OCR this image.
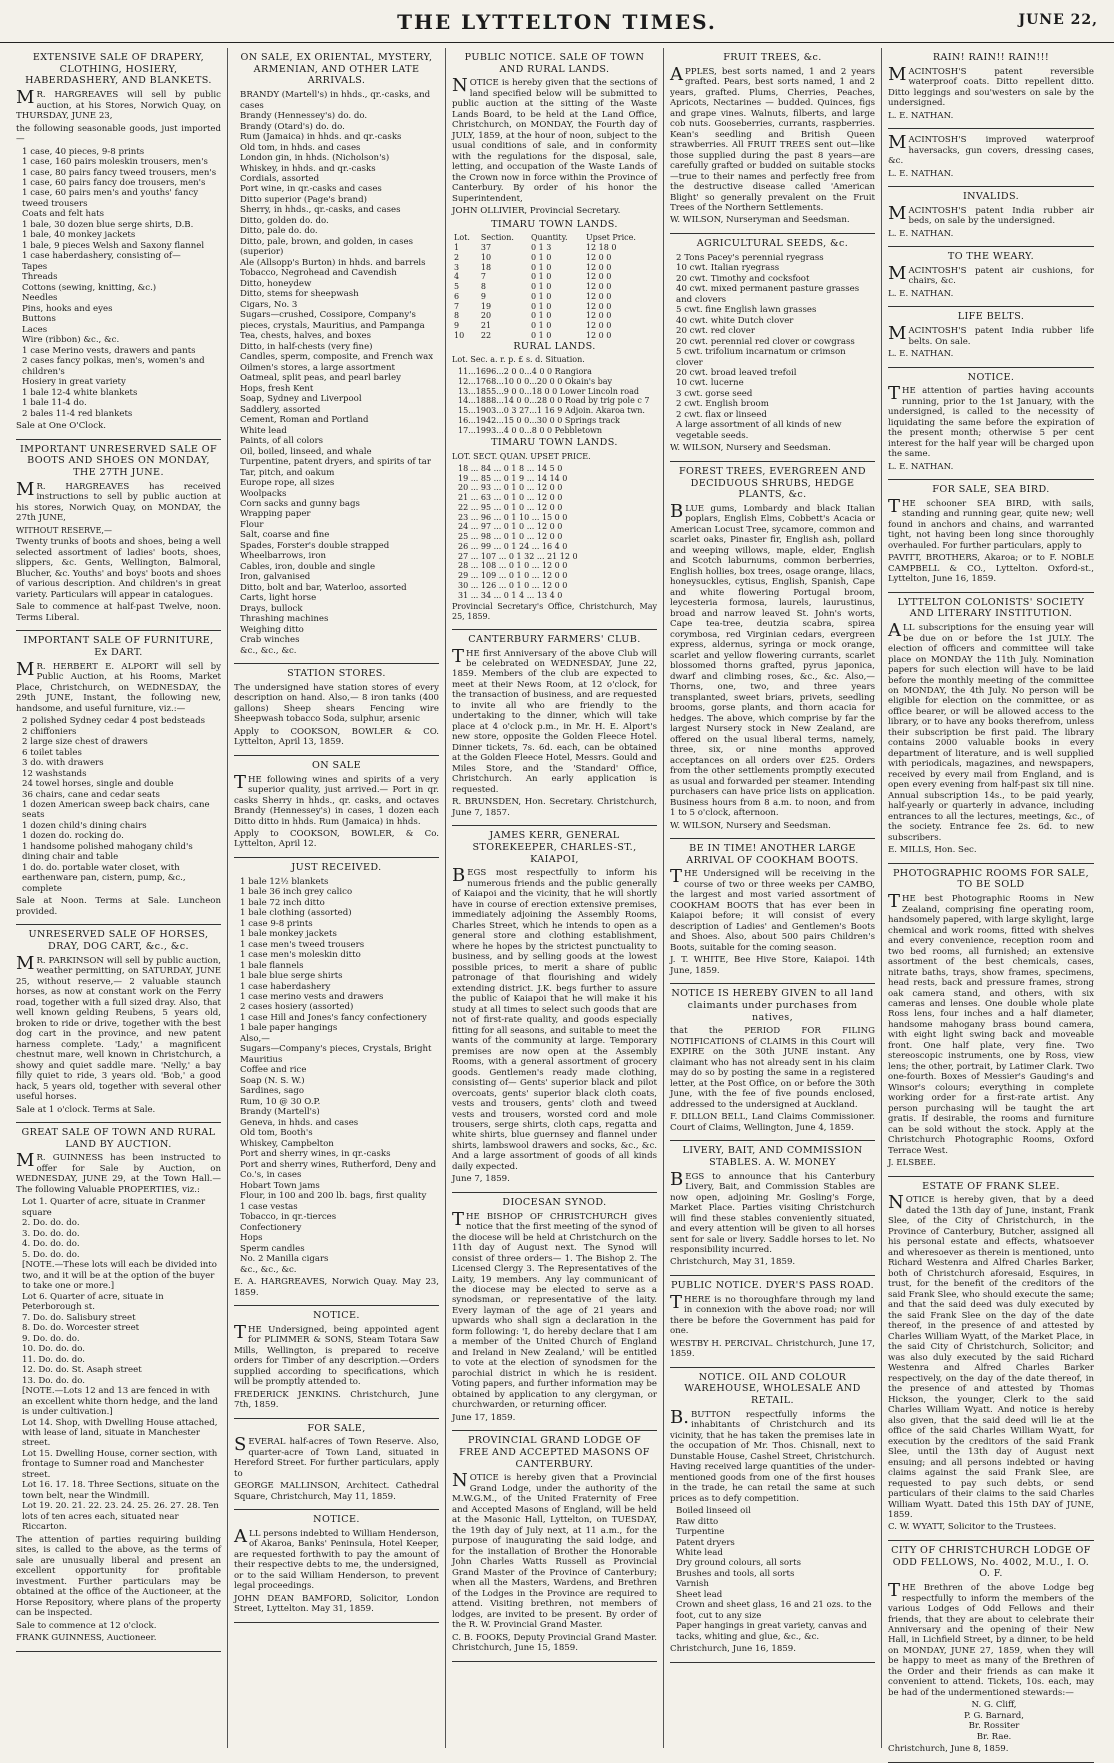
THE LYTTELTON TIMES.	JUNE 22,
EXTENSIVE SALE OF DRAPERY, CLOTHING, HOSIERY, HABERDASHERY, AND BLANKETS.

MR. HARGREAVES will sell by public auction, at his Stores, Norwich Quay, on THURSDAY, JUNE 23,

the following seasonable goods, just imported—

1 case, 40 pieces, 9-8 prints
1 case, 160 pairs moleskin trousers, men's
1 case, 80 pairs fancy tweed trousers, men's
1 case, 60 pairs fancy doe trousers, men's
1 case, 60 pairs men's and youths' fancy tweed trousers
Coats and felt hats
1 bale, 30 dozen blue serge shirts, D.B.
1 bale, 40 monkey jackets
1 bale, 9 pieces Welsh and Saxony flannel
1 case haberdashery, consisting of—
Tapes
Threads
Cottons (sewing, knitting, &c.)
Needles
Pins, hooks and eyes
Buttons
Laces
Wire (ribbon) &c., &c.
1 case Merino vests, drawers and pants
2 cases fancy polkas, men's, women's and children's
Hosiery in great variety
1 bale 12-4 white blankets
1 bale 11-4 do.
2 bales 11-4 red blankets

Sale at One O'Clock.

IMPORTANT UNRESERVED SALE OF BOOTS AND SHOES ON MONDAY, THE 27TH JUNE.

MR. HARGREAVES has received instructions to sell by public auction at his stores, Norwich Quay, on MONDAY, the 27th JUNE,

WITHOUT RESERVE,—

Twenty trunks of boots and shoes, being a well selected assortment of ladies' boots, shoes, slippers, &c. Gents, Wellington, Balmoral, Blucher, &c. Youths' and boys' boots and shoes of various description. And children's in great variety. Particulars will appear in catalogues.

Sale to commence at half-past Twelve, noon. Terms Liberal.

IMPORTANT SALE OF FURNITURE, Ex DART.

MR. HERBERT E. ALPORT will sell by Public Auction, at his Rooms, Market Place, Christchurch, on WEDNESDAY, the 29th JUNE, Instant, the following new, handsome, and useful furniture, viz.:—

2 polished Sydney cedar 4 post bedsteads
2 chiffoniers
2 large size chest of drawers
6 toilet tables
3 do. with drawers
12 washstands
24 towel horses, single and double
36 chairs, cane and cedar seats
1 dozen American sweep back chairs, cane seats
1 dozen child's dining chairs
1 dozen do. rocking do.
1 handsome polished mahogany child's dining chair and table
1 do. do. portable water closet, with earthenware pan, cistern, pump, &c., complete

Sale at Noon. Terms at Sale. Luncheon provided.

UNRESERVED SALE OF HORSES, DRAY, DOG CART, &c., &c.

MR. PARKINSON will sell by public auction, weather permitting, on SATURDAY, JUNE 25, without reserve,— 2 valuable staunch horses, as now at constant work on the Ferry road, together with a full sized dray. Also, that well known gelding Reubens, 5 years old, broken to ride or drive, together with the best dog cart in the province, and new patent harness complete. 'Lady,' a magnificent chestnut mare, well known in Christchurch, a showy and quiet saddle mare. 'Nelly,' a bay filly quiet to ride, 3 years old. 'Bob,' a good hack, 5 years old, together with several other useful horses.

Sale at 1 o'clock. Terms at Sale.

GREAT SALE OF TOWN AND RURAL LAND BY AUCTION.

MR. GUINNESS has been instructed to offer for Sale by Auction, on WEDNESDAY, JUNE 29, at the Town Hall.— The following Valuable PROPERTIES, viz.:

Lot 1. Quarter of acre, situate in Cranmer square
2. Do. do. do.
3. Do. do. do.
4. Do. do. do.
5. Do. do. do.
[NOTE.—These lots will each be divided into two, and it will be at the option of the buyer to take one or more.]
Lot 6. Quarter of acre, situate in Peterborough st.
7. Do. do. Salisbury street
8. Do. do. Worcester street
9. Do. do. do.
10. Do. do. do.
11. Do. do. do.
12. Do. do. St. Asaph street
13. Do. do. do.
[NOTE.—Lots 12 and 13 are fenced in with an excellent white thorn hedge, and the land is under cultivation.]
Lot 14. Shop, with Dwelling House attached, with lease of land, situate in Manchester street.
Lot 15. Dwelling House, corner section, with frontage to Sumner road and Manchester street.
Lot 16. 17. 18. Three Sections, situate on the town belt, near the Windmill.
Lot 19. 20. 21. 22. 23. 24. 25. 26. 27. 28. Ten lots of ten acres each, situated near Riccarton.

The attention of parties requiring building sites, is called to the above, as the terms of sale are unusually liberal and present an excellent opportunity for profitable investment. Further particulars may be obtained at the office of the Auctioneer, at the Horse Repository, where plans of the property can be inspected.

Sale to commence at 12 o'clock.

FRANK GUINNESS, Auctioneer.

ON SALE, EX ORIENTAL, MYSTERY, ARMENIAN, AND OTHER LATE ARRIVALS.
BRANDY (Martell's) in hhds., qr.-casks, and cases
Brandy (Hennessey's) do. do.
Brandy (Otard's) do. do.
Rum (Jamaica) in hhds. and qr.-casks
Old tom, in hhds. and cases
London gin, in hhds. (Nicholson's)
Whiskey, in hhds. and qr.-casks
Cordials, assorted
Port wine, in qr.-casks and cases
Ditto superior (Page's brand)
Sherry, in hhds., qr.-casks, and cases
Ditto, golden do. do.
Ditto, pale do. do.
Ditto, pale, brown, and golden, in cases (superior)
Ale (Allsopp's Burton) in hhds. and barrels
Tobacco, Negrohead and Cavendish
Ditto, honeydew
Ditto, stems for sheepwash
Cigars, No. 3
Sugars—crushed, Cossipore, Company's pieces, crystals, Mauritius, and Pampanga
Tea, chests, halves, and boxes
Ditto, in half-chests (very fine)
Candles, sperm, composite, and French wax
Oilmen's stores, a large assortment
Oatmeal, split peas, and pearl barley
Hops, fresh Kent
Soap, Sydney and Liverpool
Saddlery, assorted
Cement, Roman and Portland
White lead
Paints, of all colors
Oil, boiled, linseed, and whale
Turpentine, patent dryers, and spirits of tar
Tar, pitch, and oakum
Europe rope, all sizes
Woolpacks
Corn sacks and gunny bags
Wrapping paper
Flour
Salt, coarse and fine
Spades, Forster's double strapped
Wheelbarrows, iron
Cables, iron, double and single
Iron, galvanised
Ditto, bolt and bar, Waterloo, assorted
Carts, light horse
Drays, bullock
Thrashing machines
Weighing ditto
Crab winches
&c., &c., &c.
STATION STORES.

The undersigned have station stores of every description on hand. Also,— 8 iron tanks (400 gallons) Sheep shears Fencing wire Sheepwash tobacco Soda, sulphur, arsenic

Apply to COOKSON, BOWLER & CO. Lyttelton, April 13, 1859.

ON SALE

THE following wines and spirits of a very superior quality, just arrived.— Port in qr. casks Sherry in hhds., qr. casks, and octaves Brandy (Hennessey's) in cases, 1 dozen each Ditto ditto in hhds. Rum (Jamaica) in hhds.

Apply to COOKSON, BOWLER, & Co. Lyttelton, April 12.

JUST RECEIVED.
1 bale 12½ blankets
1 bale 36 inch grey calico
1 bale 72 inch ditto
1 bale clothing (assorted)
1 case 9-8 prints
1 bale monkey jackets
1 case men's tweed trousers
1 case men's moleskin ditto
1 bale flannels
1 bale blue serge shirts
1 case haberdashery
1 case merino vests and drawers
2 cases hosiery (assorted)
1 case Hill and Jones's fancy confectionery
1 bale paper hangings
Also,—
Sugars—Company's pieces, Crystals, Bright Mauritius
Coffee and rice
Soap (N. S. W.)
Sardines, sago
Rum, 10 @ 30 O.P.
Brandy (Martell's)
Geneva, in hhds. and cases
Old tom, Booth's
Whiskey, Campbelton
Port and sherry wines, in qr.-casks
Port and sherry wines, Rutherford, Deny and Co.'s, in cases
Hobart Town jams
Flour, in 100 and 200 lb. bags, first quality
1 case vestas
Tobacco, in qr.-tierces
Confectionery
Hops
Sperm candles
No. 2 Manilla cigars
&c., &c., &c.

E. A. HARGREAVES, Norwich Quay. May 23, 1859.

NOTICE.

THE Undersigned, being appointed agent for PLIMMER & SONS, Steam Totara Saw Mills, Wellington, is prepared to receive orders for Timber of any description.—Orders supplied according to specifications, which will be promptly attended to.

FREDERICK JENKINS. Christchurch, June 7th, 1859.

FOR SALE,

SEVERAL half-acres of Town Reserve. Also, quarter-acre of Town Land, situated in Hereford Street. For further particulars, apply to

GEORGE MALLINSON, Architect. Cathedral Square, Christchurch, May 11, 1859.

NOTICE.

ALL persons indebted to William Henderson, of Akaroa, Banks' Peninsula, Hotel Keeper, are requested forthwith to pay the amount of their respective debts to me, the undersigned, or to the said William Henderson, to prevent legal proceedings.

JOHN DEAN BAMFORD, Solicitor, London Street, Lyttelton. May 31, 1859.

PUBLIC NOTICE. SALE OF TOWN AND RURAL LANDS.

NOTICE is hereby given that the sections of land specified below will be submitted to public auction at the sitting of the Waste Lands Board, to be held at the Land Office, Christchurch, on MONDAY, the Fourth day of JULY, 1859, at the hour of noon, subject to the usual conditions of sale, and in conformity with the regulations for the disposal, sale, letting, and occupation of the Waste Lands of the Crown now in force within the Province of Canterbury. By order of his honor the Superintendent,

JOHN OLLIVIER, Provincial Secretary.

TIMARU TOWN LANDS.
Lot.	Section.	Quantity.	Upset Price.
1	37	0 1 3	12 18 0
2	10	0 1 0	12 0 0
3	18	0 1 0	12 0 0
4	7	0 1 0	12 0 0
5	8	0 1 0	12 0 0
6	9	0 1 0	12 0 0
7	19	0 1 0	12 0 0
8	20	0 1 0	12 0 0
9	21	0 1 0	12 0 0
10	22	0 1 0	12 0 0
RURAL LANDS.

Lot. Sec. a. r. p. £ s. d. Situation.

11...1696...2 0 0...4 0 0 Rangiora
12...1768...10 0 0...20 0 0 Okain's bay
13...1855...9 0 0...18 0 0 Lower Lincoln road
14...1888...14 0 0...28 0 0 Road by trig pole c 7
15...1903...0 3 27...1 16 9 Adjoin. Akaroa twn.
16...1942...15 0 0...30 0 0 Springs track
17...1993...4 0 0...8 0 0 Pebbletown
TIMARU TOWN LANDS.

LOT. SECT. QUAN. UPSET PRICE.

18 ... 84 ... 0 1 8 ... 14 5 0
19 ... 85 ... 0 1 9 ... 14 14 0
20 ... 93 ... 0 1 0 ... 12 0 0
21 ... 63 ... 0 1 0 ... 12 0 0
22 ... 95 ... 0 1 0 ... 12 0 0
23 ... 96 ... 0 1 10 ... 15 0 0
24 ... 97 ... 0 1 0 ... 12 0 0
25 ... 98 ... 0 1 0 ... 12 0 0
26 ... 99 ... 0 1 24 ... 16 4 0
27 ... 107 ... 0 1 32 ... 21 12 0
28 ... 108 ... 0 1 0 ... 12 0 0
29 ... 109 ... 0 1 0 ... 12 0 0
30 ... 126 ... 0 1 0 ... 12 0 0
31 ... 34 ... 0 1 4 ... 13 4 0

Provincial Secretary's Office, Christchurch, May 25, 1859.

CANTERBURY FARMERS' CLUB.

THE first Anniversary of the above Club will be celebrated on WEDNESDAY, June 22, 1859. Members of the club are expected to meet at their News Room, at 12 o'clock, for the transaction of business, and are requested to invite all who are friendly to the undertaking to the dinner, which will take place at 4 o'clock p.m., in Mr. H. E. Alport's new store, opposite the Golden Fleece Hotel. Dinner tickets, 7s. 6d. each, can be obtained at the Golden Fleece Hotel, Messrs. Gould and Miles Store, and the 'Standard' Office, Christchurch. An early application is requested.

R. BRUNSDEN, Hon. Secretary. Christchurch, June 7, 1857.

JAMES KERR, GENERAL STOREKEEPER, CHARLES-ST., KAIAPOI,

BEGS most respectfully to inform his numerous friends and the public generally of Kaiapoi and the vicinity, that he will shortly have in course of erection extensive premises, immediately adjoining the Assembly Rooms, Charles Street, which he intends to open as a general store and clothing establishment, where he hopes by the strictest punctuality to business, and by selling goods at the lowest possible prices, to merit a share of public patronage of that flourishing and widely extending district. J.K. begs further to assure the public of Kaiapoi that he will make it his study at all times to select such goods that are not of first-rate quality, and goods especially fitting for all seasons, and suitable to meet the wants of the community at large. Temporary premises are now open at the Assembly Rooms, with a general assortment of grocery goods. Gentlemen's ready made clothing, consisting of— Gents' superior black and pilot overcoats, gents' superior black cloth coats, vests and trousers, gents' cloth and tweed vests and trousers, worsted cord and mole trousers, serge shirts, cloth caps, regatta and white shirts, blue guernsey and flannel under shirts, lambswool drawers and socks, &c., &c. And a large assortment of goods of all kinds daily expected.

June 7, 1859.

DIOCESAN SYNOD.

THE BISHOP OF CHRISTCHURCH gives notice that the first meeting of the synod of the diocese will be held at Christchurch on the 11th day of August next. The Synod will consist of three orders— 1. The Bishop 2. The Licensed Clergy 3. The Representatives of the Laity, 19 members. Any lay communicant of the diocese may be elected to serve as a synodsman, or representative of the laity. Every layman of the age of 21 years and upwards who shall sign a declaration in the form following: 'I, do hereby declare that I am a member of the United Church of England and Ireland in New Zealand,' will be entitled to vote at the election of synodsmen for the parochial district in which he is resident. Voting papers, and further information may be obtained by application to any clergyman, or churchwarden, or returning officer.

June 17, 1859.

PROVINCIAL GRAND LODGE OF FREE AND ACCEPTED MASONS OF CANTERBURY.

NOTICE is hereby given that a Provincial Grand Lodge, under the authority of the M.W.G.M., of the United Fraternity of Free and Accepted Masons of England, will be held at the Masonic Hall, Lyttelton, on TUESDAY, the 19th day of July next, at 11 a.m., for the purpose of inaugurating the said lodge, and for the installation of Brother the Honorable John Charles Watts Russell as Provincial Grand Master of the Province of Canterbury; when all the Masters, Wardens, and Brethren of the Lodges in the Province are required to attend. Visiting brethren, not members of lodges, are invited to be present. By order of the R. W. Provincial Grand Master.

C. B. FOOKS, Deputy Provincial Grand Master. Christchurch, June 15, 1859.

FRUIT TREES, &c.

APPLES, best sorts named, 1 and 2 years grafted. Pears, best sorts named, 1 and 2 years, grafted. Plums, Cherries, Peaches, Apricots, Nectarines — budded. Quinces, figs and grape vines. Walnuts, filberts, and large cob nuts. Gooseberries, currants, raspberries. Kean's seedling and British Queen strawberries. All FRUIT TREES sent out—like those supplied during the past 8 years—are carefully grafted or budded on suitable stocks—true to their names and perfectly free from the destructive disease called 'American Blight' so generally prevalent on the Fruit Trees of the Northern Settlements.

W. WILSON, Nurseryman and Seedsman.

AGRICULTURAL SEEDS, &c.
2 Tons Pacey's perennial ryegrass
10 cwt. Italian ryegrass
20 cwt. Timothy and cocksfoot
40 cwt. mixed permanent pasture grasses and clovers
5 cwt. fine English lawn grasses
40 cwt. white Dutch clover
20 cwt. red clover
20 cwt. perennial red clover or cowgrass
5 cwt. trifolium incarnatum or crimson clover
20 cwt. broad leaved trefoil
10 cwt. lucerne
3 cwt. gorse seed
2 cwt. English broom
2 cwt. flax or linseed
A large assortment of all kinds of new vegetable seeds.

W. WILSON, Nursery and Seedsman.

FOREST TREES, EVERGREEN AND DECIDUOUS SHRUBS, HEDGE PLANTS, &c.

BLUE gums, Lombardy and black Italian poplars, English Elms, Cobbett's Acacia or American Locust Tree, sycamore, common and scarlet oaks, Pinaster fir, English ash, pollard and weeping willows, maple, elder, English and Scotch laburnums, common berberries, English hollies, box trees, osage orange, lilacs, honeysuckles, cytisus, English, Spanish, Cape and white flowering Portugal broom, leycesteria formosa, laurels, laurustinus, broad and narrow leaved St. John's worts, Cape tea-tree, deutzia scabra, spirea corymbosa, red Virginian cedars, evergreen express, aldernus, syringa or mock orange, scarlet and yellow flowering currants, scarlet blossomed thorns grafted, pyrus japonica, dwarf and climbing roses, &c., &c. Also,— Thorns, one, two, and three years transplanted, sweet briars, privets, seedling brooms, gorse plants, and thorn acacia for hedges. The above, which comprise by far the largest Nursery stock in New Zealand, are offered on the usual liberal terms, namely, three, six, or nine months approved acceptances on all orders over £25. Orders from the other settlements promptly executed as usual and forwarded per steamer. Intending purchasers can have price lists on application. Business hours from 8 a.m. to noon, and from 1 to 5 o'clock, afternoon.

W. WILSON, Nursery and Seedsman.

BE IN TIME! ANOTHER LARGE ARRIVAL OF COOKHAM BOOTS.

THE Undersigned will be receiving in the course of two or three weeks per CAMBO, the largest and most varied assortment of COOKHAM BOOTS that has ever been in Kaiapoi before; it will consist of every description of Ladies' and Gentlemen's Boots and Shoes. Also, about 500 pairs Children's Boots, suitable for the coming season.

J. T. WHITE, Bee Hive Store, Kaiapoi. 14th June, 1859.

NOTICE IS HEREBY GIVEN to all land claimants under purchases from natives,

that the PERIOD FOR FILING NOTIFICATIONS of CLAIMS in this Court will EXPIRE on the 30th JUNE instant. Any claimant who has not already sent in his claim may do so by posting the same in a registered letter, at the Post Office, on or before the 30th June, with the fee of five pounds enclosed, addressed to the undersigned at Auckland.

F. DILLON BELL, Land Claims Commissioner. Court of Claims, Wellington, June 4, 1859.

LIVERY, BAIT, AND COMMISSION STABLES. A. W. MONEY

BEGS to announce that his Canterbury Livery, Bait, and Commission Stables are now open, adjoining Mr. Gosling's Forge, Market Place. Parties visiting Christchurch will find these stables conveniently situated, and every attention will be given to all horses sent for sale or livery. Saddle horses to let. No responsibility incurred.

Christchurch, May 31, 1859.

PUBLIC NOTICE. DYER'S PASS ROAD.

THERE is no thoroughfare through my land in connexion with the above road; nor will there be before the Government has paid for one.

WESTBY H. PERCIVAL. Christchurch, June 17, 1859.

NOTICE. OIL AND COLOUR WAREHOUSE, WHOLESALE AND RETAIL.

B.BUTTON respectfully informs the inhabitants of Christchurch and its vicinity, that he has taken the premises late in the occupation of Mr. Thos. Chisnall, next to Dunstable House, Cashel Street, Christchurch. Having received large quantities of the under-mentioned goods from one of the first houses in the trade, he can retail the same at such prices as to defy competition.

Boiled linseed oil
Raw ditto
Turpentine
Patent dryers
White lead
Dry ground colours, all sorts
Brushes and tools, all sorts
Varnish
Sheet lead
Crown and sheet glass, 16 and 21 ozs. to the foot, cut to any size
Paper hangings in great variety, canvas and tacks, whiting and glue, &c., &c.

Christchurch, June 16, 1859.

RAIN! RAIN!! RAIN!!!

MACINTOSH'S patent reversible waterproof coats. Ditto repellent ditto. Ditto leggings and sou'westers on sale by the undersigned.

L. E. NATHAN.

MACINTOSH'S improved waterproof haversacks, gun covers, dressing cases, &c.

L. E. NATHAN.

INVALIDS.

MACINTOSH'S patent India rubber air beds, on sale by the undersigned.

L. E. NATHAN.

TO THE WEARY.

MACINTOSH'S patent air cushions, for chairs, &c.

L. E. NATHAN.

LIFE BELTS.

MACINTOSH'S patent India rubber life belts. On sale.

L. E. NATHAN.

NOTICE.

THE attention of parties having accounts running, prior to the 1st January, with the undersigned, is called to the necessity of liquidating the same before the expiration of the present month; otherwise 5 per cent interest for the half year will be charged upon the same.

L. E. NATHAN.

FOR SALE, SEA BIRD.

THE schooner SEA BIRD, with sails, standing and running gear, quite new; well found in anchors and chains, and warranted tight, not having been long since thoroughly overhauled. For further particulars, apply to

PAVITT, BROTHERS, Akaroa; or to F. NOBLE CAMPBELL & CO., Lyttelton. Oxford-st., Lyttelton, June 16, 1859.

LYTTELTON COLONISTS' SOCIETY AND LITERARY INSTITUTION.

ALL subscriptions for the ensuing year will be due on or before the 1st JULY. The election of officers and committee will take place on MONDAY the 11th July. Nomination papers for such election will have to be laid before the monthly meeting of the committee on MONDAY, the 4th July. No person will be eligible for election on the committee, or as office bearer, or will be allowed access to the library, or to have any books therefrom, unless their subscription be first paid. The library contains 2000 valuable books in every department of literature, and is well supplied with periodicals, magazines, and newspapers, received by every mail from England, and is open every evening from half-past six till nine. Annual subscription 14s., to be paid yearly, half-yearly or quarterly in advance, including entrances to all the lectures, meetings, &c., of the society. Entrance fee 2s. 6d. to new subscribers.

E. MILLS, Hon. Sec.

PHOTOGRAPHIC ROOMS FOR SALE, TO BE SOLD

THE best Photographic Rooms in New Zealand, comprising fine operating room, handsomely papered, with large skylight, large chemical and work rooms, fitted with shelves and every convenience, reception room and two bed rooms, all furnished; an extensive assortment of the best chemicals, cases, nitrate baths, trays, show frames, specimens, head rests, back and pressure frames, strong oak camera stand, and others, with six cameras and lenses. One double whole plate Ross lens, four inches and a half diameter, handsome mahogany brass bound camera, with eight light swing back and moveable front. One half plate, very fine. Two stereoscopic instruments, one by Ross, view lens; the other, portrait, by Latimer Clark. Two one-fourth. Boxes of Messier's Gauding's and Winsor's colours; everything in complete working order for a first-rate artist. Any person purchasing will be taught the art gratis. If desirable, the rooms and furniture can be sold without the stock. Apply at the Christchurch Photographic Rooms, Oxford Terrace West.

J. ELSBEE.

ESTATE OF FRANK SLEE.

NOTICE is hereby given, that by a deed dated the 13th day of June, instant, Frank Slee, of the City of Christchurch, in the Province of Canterbury, Butcher, assigned all his personal estate and effects, whatsoever and wheresoever as therein is mentioned, unto Richard Westenra and Alfred Charles Barker, both of Christchurch aforesaid, Esquires, in trust, for the benefit of the creditors of the said Frank Slee, who should execute the same; and that the said deed was duly executed by the said Frank Slee on the day of the date thereof, in the presence of and attested by Charles William Wyatt, of the Market Place, in the said City of Christchurch, Solicitor; and was also duly executed by the said Richard Westenra and Alfred Charles Barker respectively, on the day of the date thereof, in the presence of and attested by Thomas Hickson, the younger, Clerk to the said Charles William Wyatt. And notice is hereby also given, that the said deed will lie at the office of the said Charles William Wyatt, for execution by the creditors of the said Frank Slee, until the 13th day of August next ensuing; and all persons indebted or having claims against the said Frank Slee, are requested to pay such debts, or send particulars of their claims to the said Charles William Wyatt. Dated this 15th DAY of JUNE, 1859.

C. W. WYATT, Solicitor to the Trustees.

CITY OF CHRISTCHURCH LODGE OF ODD FELLOWS, No. 4002, M.U., I. O. O. F.

THE Brethren of the above Lodge beg respectfully to inform the members of the various Lodges of Odd Fellows and their friends, that they are about to celebrate their Anniversary and the opening of their New Hall, in Lichfield Street, by a dinner, to be held on MONDAY, JUNE 27, 1859, when they will be happy to meet as many of the Brethren of the Order and their friends as can make it convenient to attend. Tickets, 10s. each, may be had of the undermentioned stewards:—

N. G. Cliff,
P. G. Barnard,
Br. Rossiter
Br. Rae.

Christchurch, June 8, 1859.
